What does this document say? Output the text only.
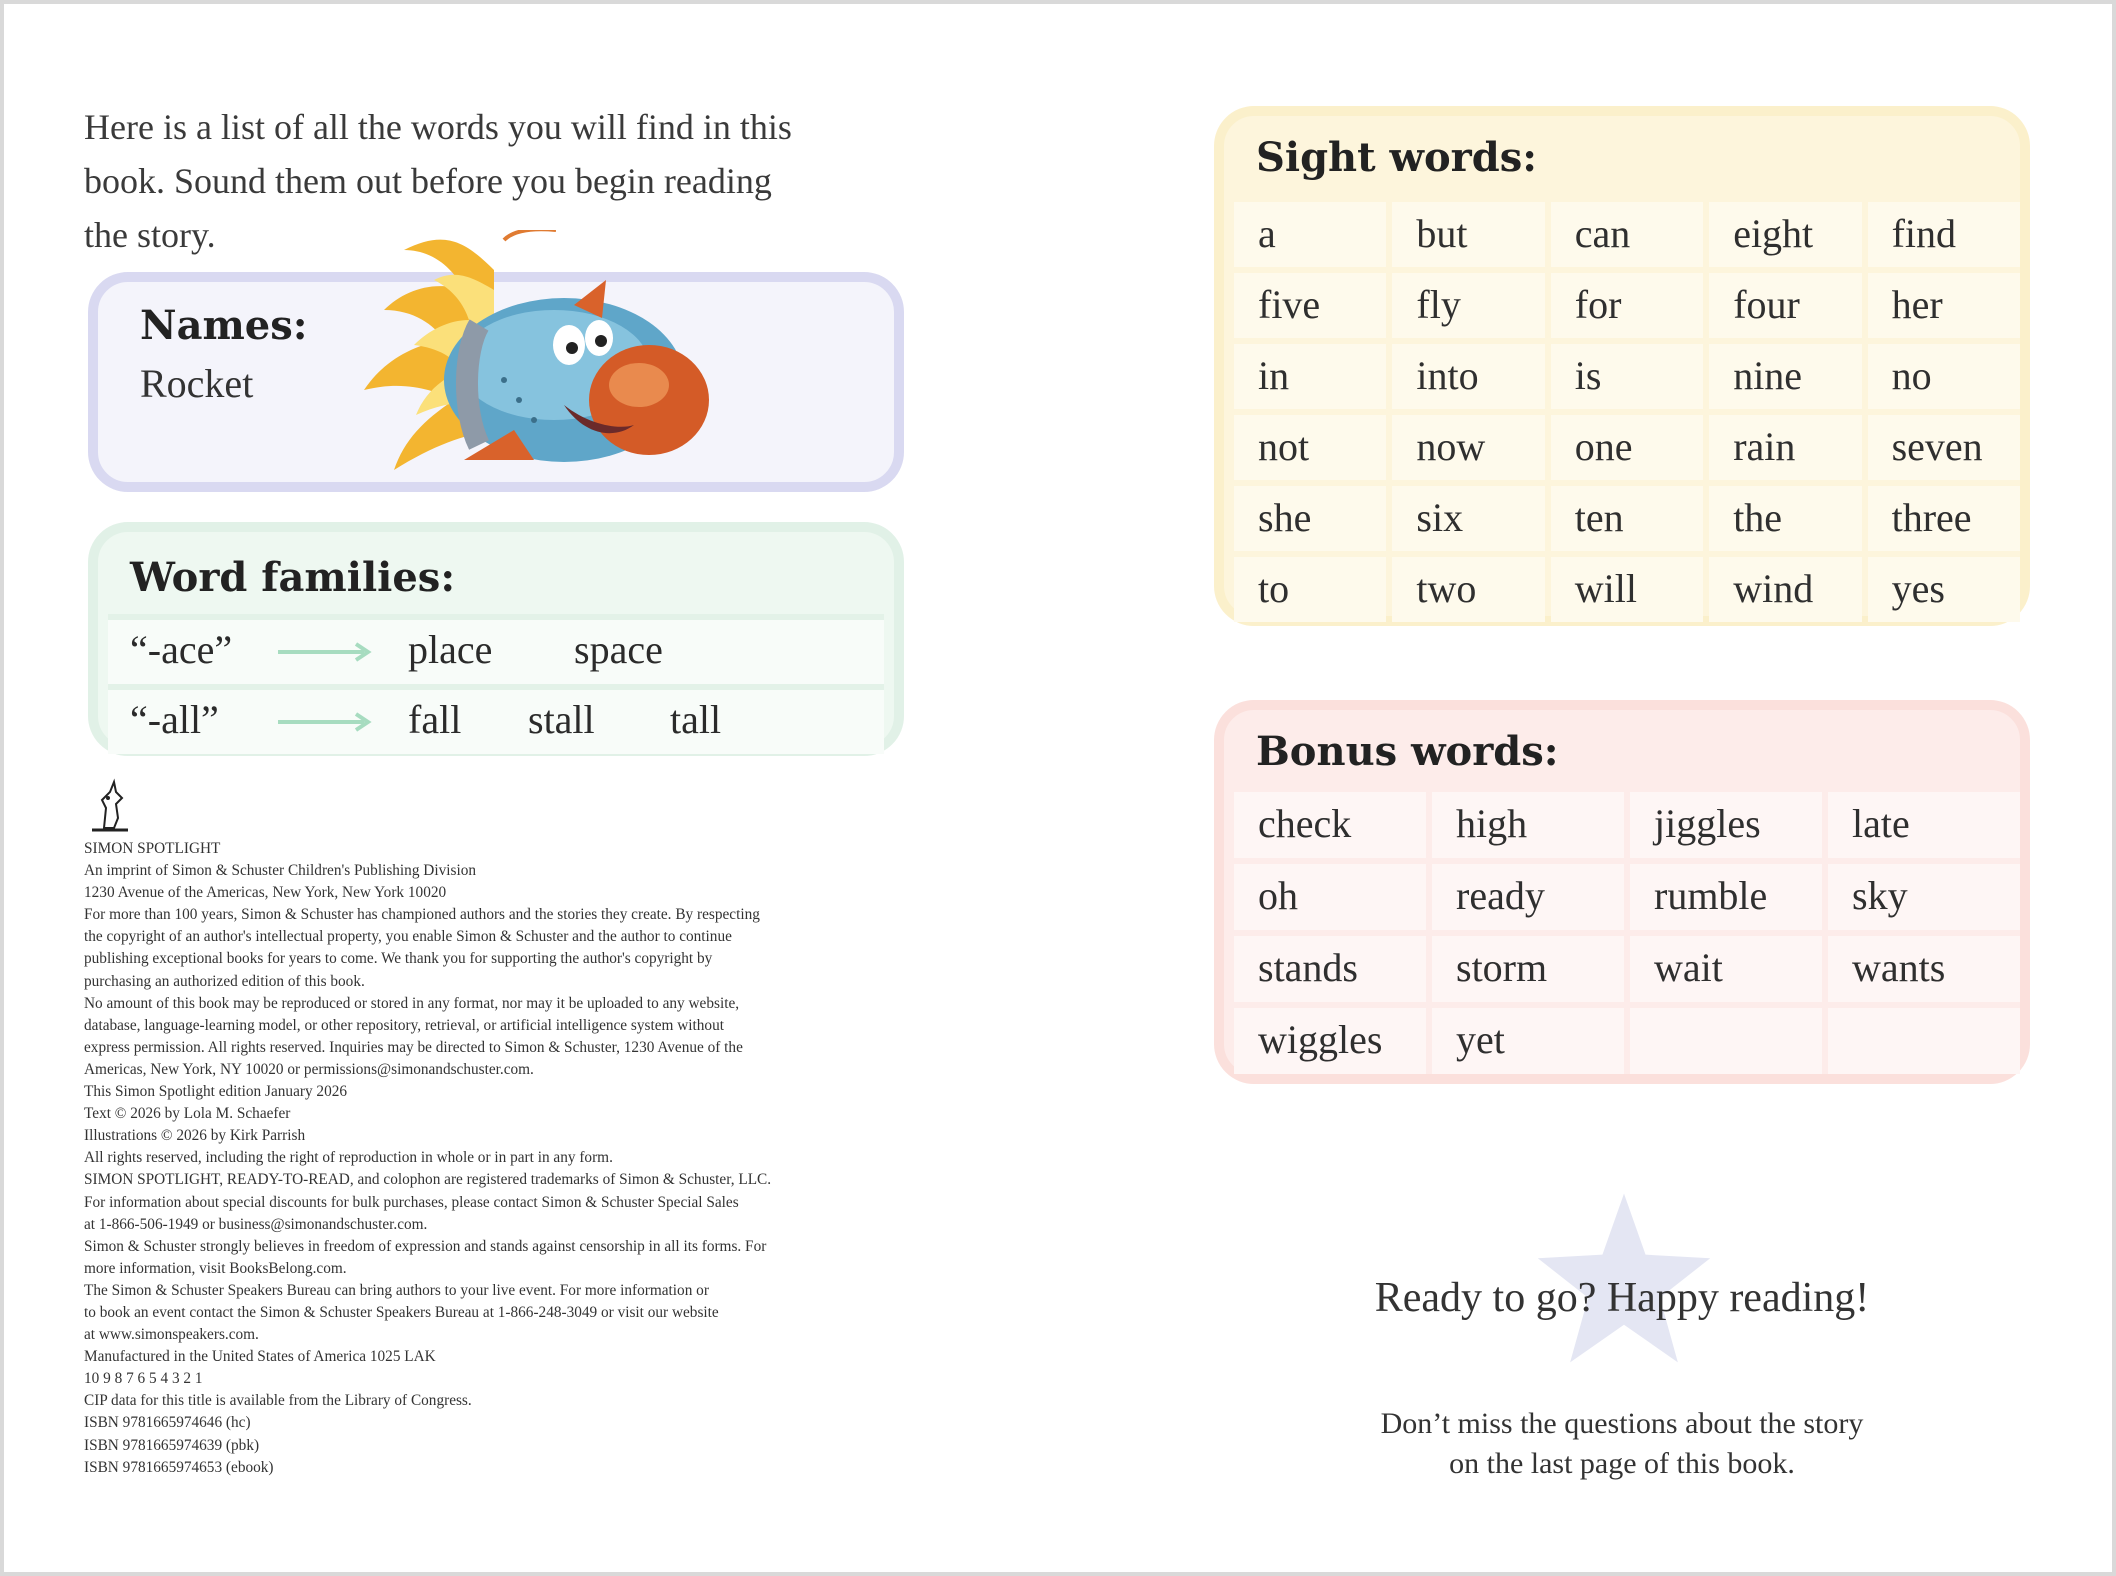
Here is a list of all the words you will find in this
book. Sound them out before you begin reading
the story.
Names:
Rocket
Word families:
“-ace”	place space
“-all”	fall stall tall
SIMON SPOTLIGHT
An imprint of Simon & Schuster Children's Publishing Division
1230 Avenue of the Americas, New York, New York 10020
For more than 100 years, Simon & Schuster has championed authors and the stories they create. By respecting
the copyright of an author's intellectual property, you enable Simon & Schuster and the author to continue
publishing exceptional books for years to come. We thank you for supporting the author's copyright by
purchasing an authorized edition of this book.
No amount of this book may be reproduced or stored in any format, nor may it be uploaded to any website,
database, language-learning model, or other repository, retrieval, or artificial intelligence system without
express permission. All rights reserved. Inquiries may be directed to Simon & Schuster, 1230 Avenue of the
Americas, New York, NY 10020 or permissions@simonandschuster.com.
This Simon Spotlight edition January 2026
Text © 2026 by Lola M. Schaefer
Illustrations © 2026 by Kirk Parrish
All rights reserved, including the right of reproduction in whole or in part in any form.
SIMON SPOTLIGHT, READY-TO-READ, and colophon are registered trademarks of Simon & Schuster, LLC.
For information about special discounts for bulk purchases, please contact Simon & Schuster Special Sales
at 1-866-506-1949 or business@simonandschuster.com.
Simon & Schuster strongly believes in freedom of expression and stands against censorship in all its forms. For
more information, visit BooksBelong.com.
The Simon & Schuster Speakers Bureau can bring authors to your live event. For more information or
to book an event contact the Simon & Schuster Speakers Bureau at 1-866-248-3049 or visit our website
at www.simonspeakers.com.
Manufactured in the United States of America 1025 LAK
10 9 8 7 6 5 4 3 2 1
CIP data for this title is available from the Library of Congress.
ISBN 9781665974646 (hc)
ISBN 9781665974639 (pbk)
ISBN 9781665974653 (ebook)
Sight words:
a	but	can	eight	find
five	fly	for	four	her
in	into	is	nine	no
not	now	one	rain	seven
she	six	ten	the	three
to	two	will	wind	yes
Bonus words:
check	high	jiggles	late
oh	ready	rumble	sky
stands	storm	wait	wants
wiggles	yet
Ready to go? Happy reading!
Don’t miss the questions about the story
on the last page of this book.
